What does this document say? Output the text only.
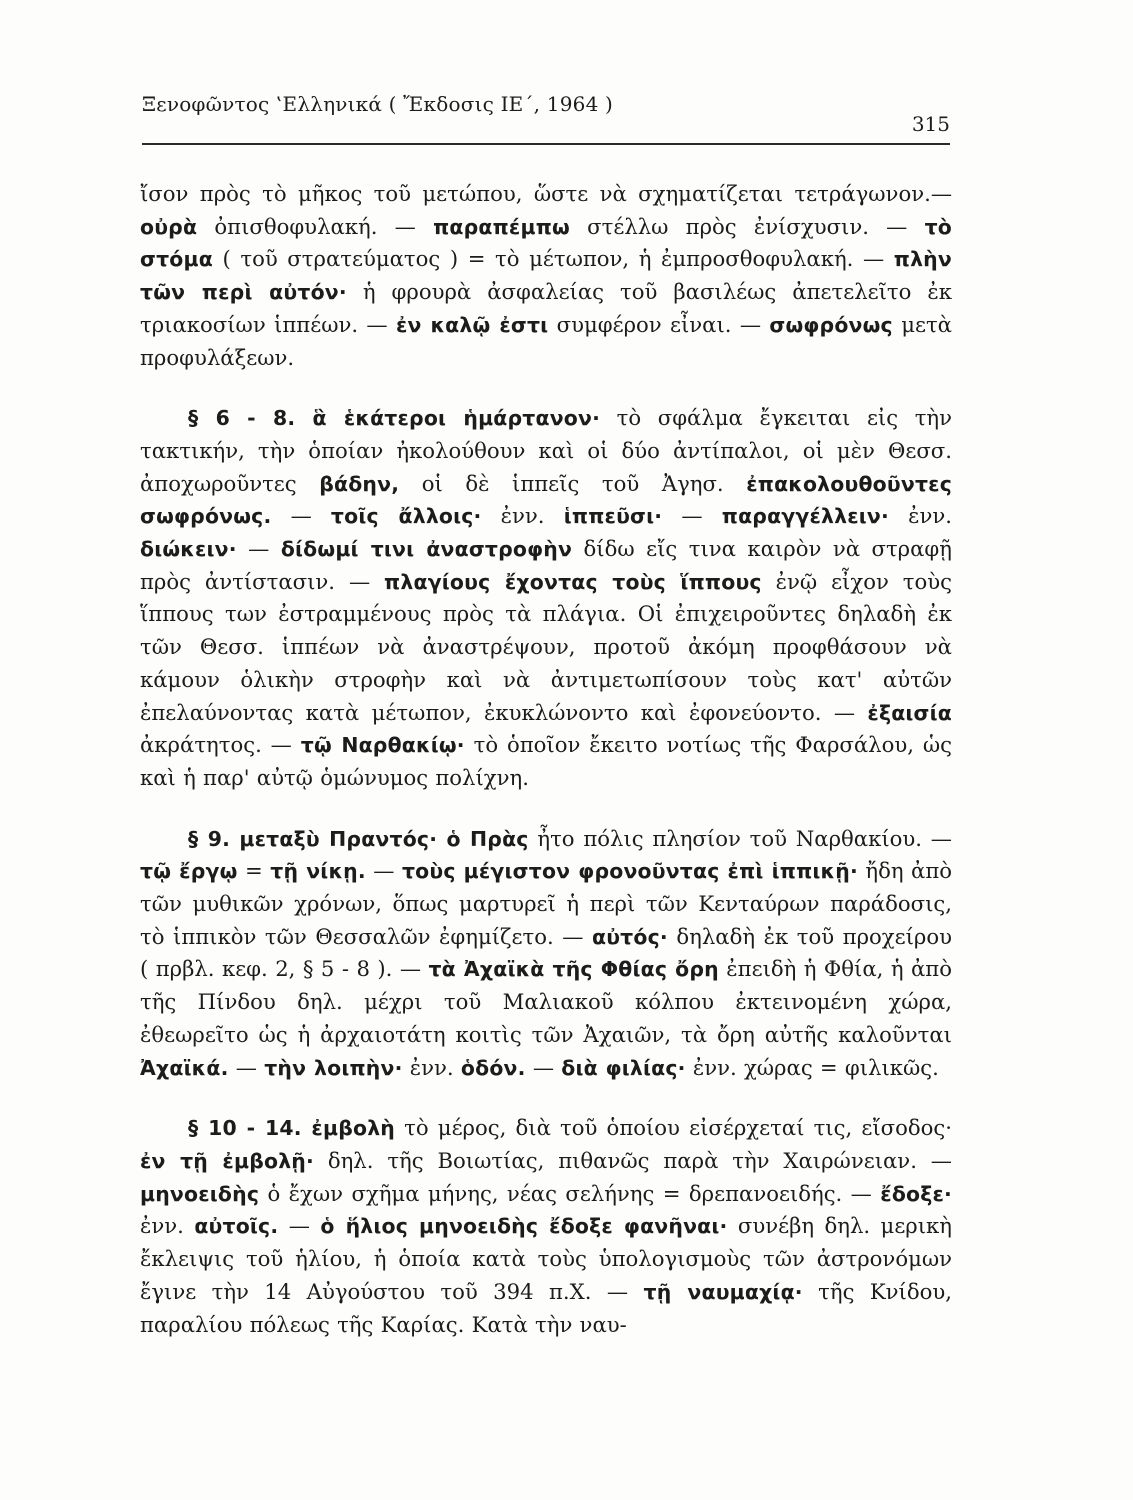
Ξενοφῶντος ‛Ελληνικά ( Ἔκδοσις ΙΕ΄, 1964 )
315

ἴσον πρὸς τὸ μῆκος τοῦ μετώπου, ὥστε νὰ σχηματίζεται τετράγωνον.— οὐρὰ ὀπισθοφυλακή. — παραπέμπω στέλλω πρὸς ἐνίσχυσιν. — τὸ στόμα ( τοῦ στρατεύματος ) = τὸ μέτωπον, ἡ ἐμπροσθοφυλακή. — πλὴν τῶν περὶ αὐτόν· ἡ φρουρὰ ἀσφαλείας τοῦ βασιλέως ἀπετελεῖτο ἐκ τριακοσίων ἱππέων. — ἐν καλῷ ἐστι συμφέρον εἶναι. — σωφρόνως μετὰ προφυλάξεων.

§ 6 - 8. ἃ ἑκάτεροι ἡμάρτανον· τὸ σφάλμα ἔγκειται εἰς τὴν τακτικήν, τὴν ὁποίαν ἠκολούθουν καὶ οἱ δύο ἀντίπαλοι, οἱ μὲν Θεσσ. ἀποχωροῦντες βάδην, οἱ δὲ ἱππεῖς τοῦ Ἀγησ. ἐπακολουθοῦντες σωφρόνως. — τοῖς ἄλλοις· ἐνν. ἱππεῦσι· — παραγγέλλειν· ἐνν. διώκειν· — δίδωμί τινι ἀναστροφὴν δίδω εἴς τινα καιρὸν νὰ στραφῇ πρὸς ἀντίστασιν. — πλαγίους ἔχοντας τοὺς ἵππους ἐνῷ εἶχον τοὺς ἵππους των ἐστραμμένους πρὸς τὰ πλάγια. Οἱ ἐπιχειροῦντες δηλαδὴ ἐκ τῶν Θεσσ. ἱππέων νὰ ἀναστρέψουν, προτοῦ ἀκόμη προφθάσουν νὰ κάμουν ὁλικὴν στροφὴν καὶ νὰ ἀντιμετωπίσουν τοὺς κατ' αὐτῶν ἐπελαύνοντας κατὰ μέτωπον, ἐκυκλώνοντο καὶ ἐφονεύοντο. — ἐξαισία ἀκράτητος. — τῷ Ναρθακίῳ· τὸ ὁποῖον ἔκειτο νοτίως τῆς Φαρσάλου, ὡς καὶ ἡ παρ' αὐτῷ ὁμώνυμος πολίχνη.

§ 9. μεταξὺ Πραντός· ὁ Πρὰς ἦτο πόλις πλησίον τοῦ Ναρθακίου. — τῷ ἔργῳ = τῇ νίκῃ. — τοὺς μέγιστον φρονοῦντας ἐπὶ ἱππικῇ· ἤδη ἀπὸ τῶν μυθικῶν χρόνων, ὅπως μαρτυρεῖ ἡ περὶ τῶν Κενταύρων παράδοσις, τὸ ἱππικὸν τῶν Θεσσαλῶν ἐφημίζετο. — αὐτός· δηλαδὴ ἐκ τοῦ προχείρου ( πρβλ. κεφ. 2, § 5 - 8 ). — τὰ Ἀχαϊκὰ τῆς Φθίας ὄρη ἐπειδὴ ἡ Φθία, ἡ ἀπὸ τῆς Πίνδου δηλ. μέχρι τοῦ Μαλιακοῦ κόλπου ἐκτεινομένη χώρα, ἐθεωρεῖτο ὡς ἡ ἀρχαιοτάτη κοιτὶς τῶν Ἀχαιῶν, τὰ ὄρη αὐτῆς καλοῦνται Ἀχαϊκά. — τὴν λοιπὴν· ἐνν. ὁδόν. — διὰ φιλίας· ἐνν. χώρας = φιλικῶς.

§ 10 - 14. ἐμβολὴ τὸ μέρος, διὰ τοῦ ὁποίου εἰσέρχεταί τις, εἴσοδος· ἐν τῇ ἐμβολῇ· δηλ. τῆς Βοιωτίας, πιθανῶς παρὰ τὴν Χαιρώνειαν. — μηνοειδὴς ὁ ἔχων σχῆμα μήνης, νέας σελήνης = δρεπανοειδής. — ἔδοξε· ἐνν. αὐτοῖς. — ὁ ἥλιος μηνοειδὴς ἔδοξε φανῆναι· συνέβη δηλ. μερικὴ ἔκλειψις τοῦ ἡλίου, ἡ ὁποία κατὰ τοὺς ὑπολογισμοὺς τῶν ἀστρονόμων ἔγινε τὴν 14 Αὐγούστου τοῦ 394 π.Χ. — τῇ ναυμαχίᾳ· τῆς Κνίδου, παραλίου πόλεως τῆς Καρίας. Κατὰ τὴν ναυ-
